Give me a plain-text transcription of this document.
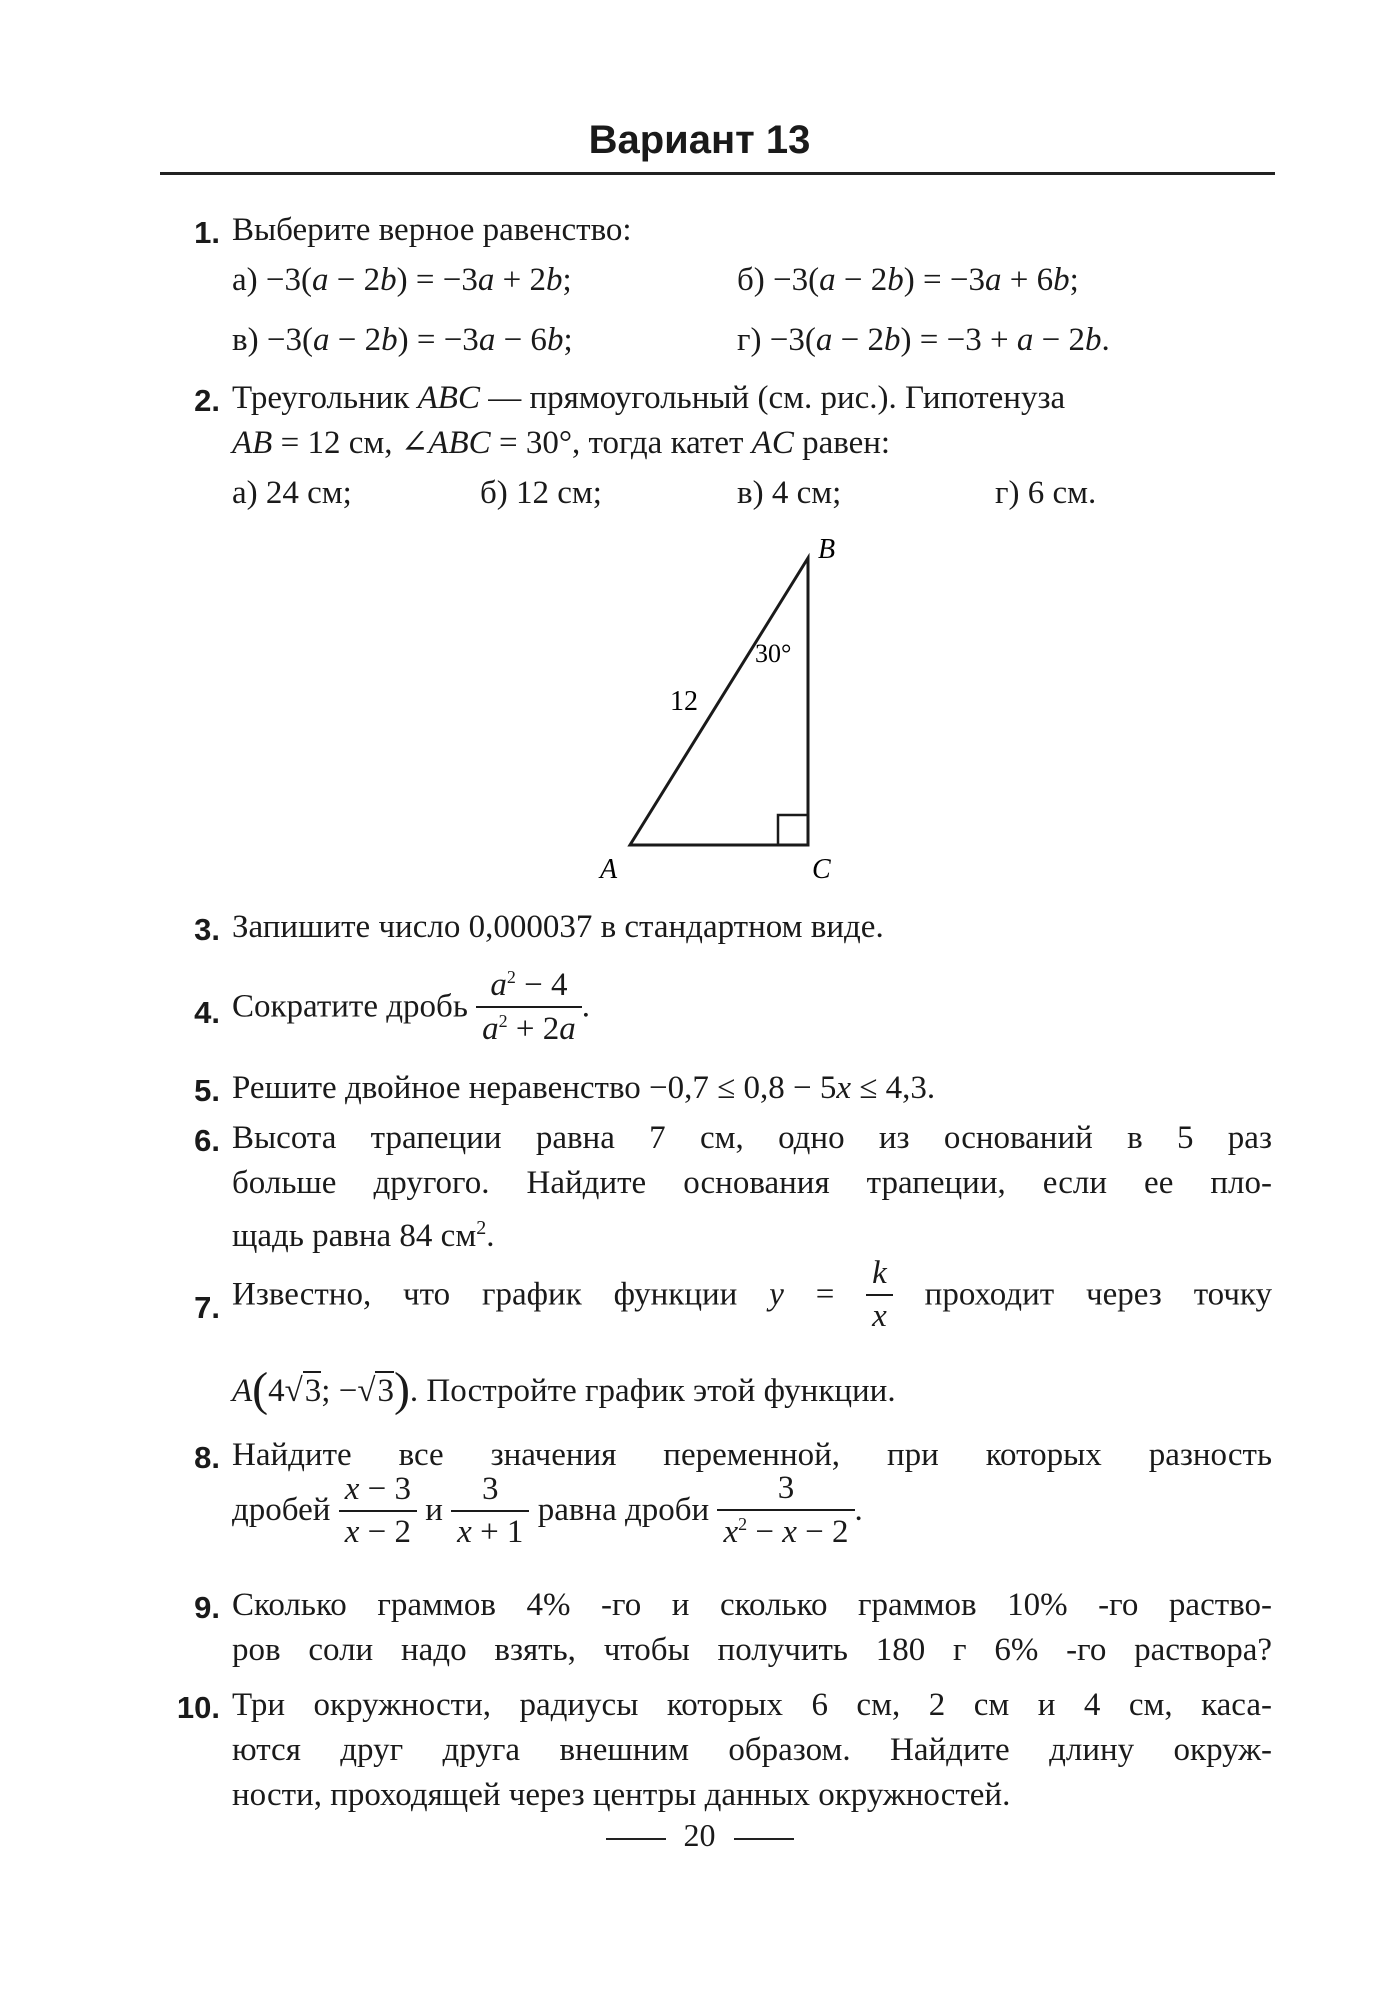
Вариант 13
1. Выберите верное равенство:
а) −3(a − 2b) = −3a + 2b;	б) −3(a − 2b) = −3a + 6b;
в) −3(a − 2b) = −3a − 6b;	г) −3(a − 2b) = −3 + a − 2b.
2. Треугольник ABC — прямоугольный (см. рис.). Гипотенуза
AB = 12 см, ∠ABC = 30°, тогда катет AC равен:
а) 24 см;	б) 12 см;	в) 4 см;	г) 6 см.
B
A	C
12
30°
3. Запишите число 0,000037 в стандартном виде.
4. Сократите дробь $\frac{a^2 - 4}{a^2 + 2a}$ .
5. Решите двойное неравенство −0,7 ≤ 0,8 − 5x ≤ 4,3.
6. Высота трапеции равна 7 см, одно из оснований в 5 раз
больше другого. Найдите основания трапеции, если ее пло-
щадь равна 84 $см^2$.
7. Известно, что график функции $y = \frac{k}{x}$ проходит через точку
A(4√3; −√3). Постройте график этой функции.
8. Найдите все значения переменной, при которых разность
дробей $\frac{x - 3}{x - 2}$ и $\frac{3}{x + 1}$ равна дроби $\frac{3}{x^2 - x - 2}$ .
9. Сколько граммов 4% -го и сколько граммов 10% -го раство-
ров соли надо взять, чтобы получить 180 г 6% -го раствора?
10. Три окружности, радиусы которых 6 см, 2 см и 4 см, каса-
ются друг друга внешним образом. Найдите длину окруж-
ности, проходящей через центры данных окружностей.
20
